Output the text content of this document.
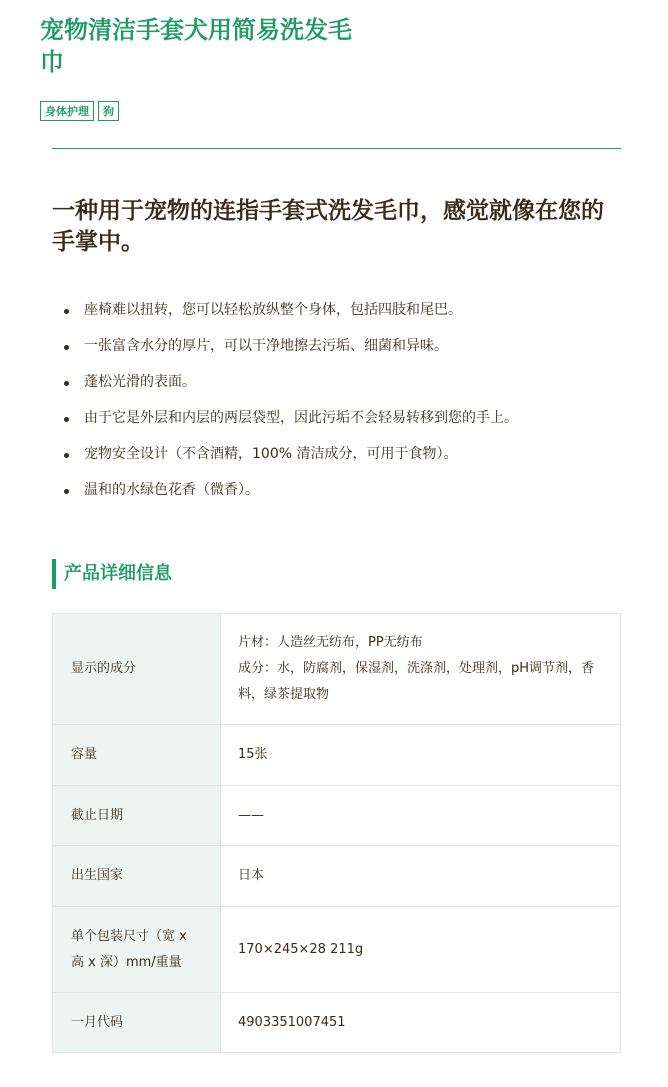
宠物清洁手套犬用简易洗发毛巾
身体护理	狗
一种用于宠物的连指手套式洗发毛巾，感觉就像在您的手掌中。
座椅难以扭转，您可以轻松放纵整个身体，包括四肢和尾巴。
一张富含水分的厚片，可以干净地擦去污垢、细菌和异味。
蓬松光滑的表面。
由于它是外层和内层的两层袋型，因此污垢不会轻易转移到您的手上。
宠物安全设计（不含酒精，100% 清洁成分，可用于食物）。
温和的水绿色花香（微香）。
产品详细信息
显示的成分	片材：人造丝无纺布，PP无纺布
成分：水，防腐剂，保湿剂，洗涤剂，处理剂，pH调节剂，香料，绿茶提取物

容量	15张
截止日期	——
出生国家	日本
单个包装尺寸（宽 x 高 x 深）mm/重量	170×245×28 211g
一月代码	4903351007451
